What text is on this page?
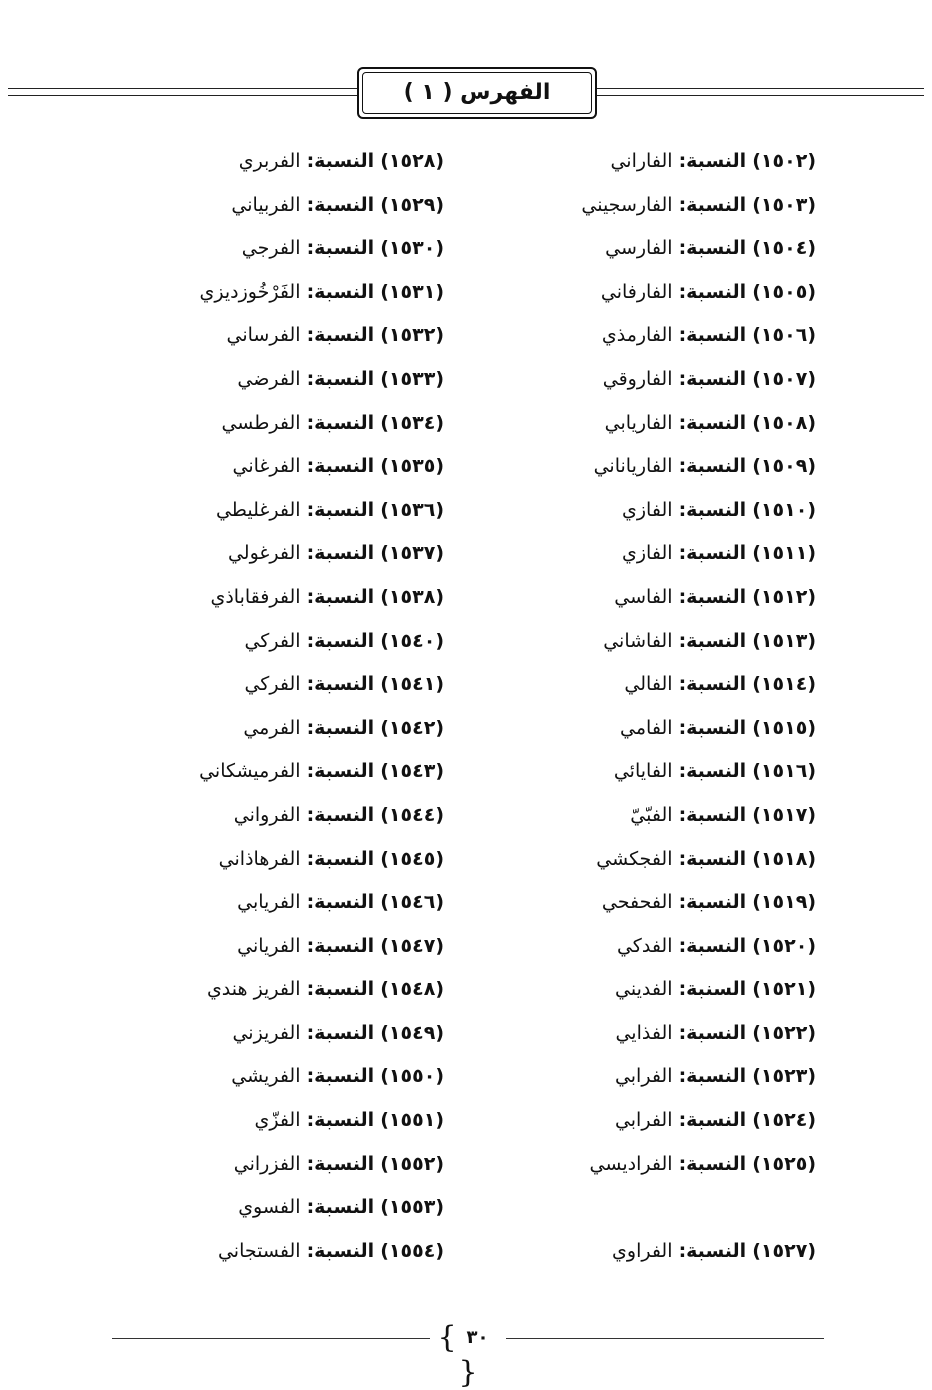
الفهرس ( ١ )
(١٥٠٢) النسبة: الفاراني
(١٥٠٣) النسبة: الفارسجيني
(١٥٠٤) النسبة: الفارسي
(١٥٠٥) النسبة: الفارفاني
(١٥٠٦) النسبة: الفارمذي
(١٥٠٧) النسبة: الفاروقي
(١٥٠٨) النسبة: الفاريابي
(١٥٠٩) النسبة: الفارياناني
(١٥١٠) النسبة: الفازي
(١٥١١) النسبة: الفازي
(١٥١٢) النسبة: الفاسي
(١٥١٣) النسبة: الفاشاني
(١٥١٤) النسبة: الفالي
(١٥١٥) النسبة: الفامي
(١٥١٦) النسبة: الفايائي
(١٥١٧) النسبة: الفبّيّ
(١٥١٨) النسبة: الفجكشي
(١٥١٩) النسبة: الفحفحي
(١٥٢٠) النسبة: الفدكي
(١٥٢١) السنبة: الفديني
(١٥٢٢) النسبة: الفذايي
(١٥٢٣) النسبة: الفرابي
(١٥٢٤) النسبة: الفرابي
(١٥٢٥) النسبة: الفراديسي
(١٥٢٧) النسبة: الفراوي
(١٥٢٨) النسبة: الفربري
(١٥٢٩) النسبة: الفربياني
(١٥٣٠) النسبة: الفرجي
(١٥٣١) النسبة: الفَرْخُوزديزي
(١٥٣٢) النسبة: الفرساني
(١٥٣٣) النسبة: الفرضي
(١٥٣٤) النسبة: الفرطسي
(١٥٣٥) النسبة: الفرغاني
(١٥٣٦) النسبة: الفرغليطي
(١٥٣٧) النسبة: الفرغولي
(١٥٣٨) النسبة: الفرفقاباذي
(١٥٤٠) النسبة: الفركي
(١٥٤١) النسبة: الفركي
(١٥٤٢) النسبة: الفرمي
(١٥٤٣) النسبة: الفرميشكاني
(١٥٤٤) النسبة: الفرواني
(١٥٤٥) النسبة: الفرهاذاني
(١٥٤٦) النسبة: الفريابي
(١٥٤٧) النسبة: الفرياني
(١٥٤٨) النسبة: الفريز هندي
(١٥٤٩) النسبة: الفريزني
(١٥٥٠) النسبة: الفريشي
(١٥٥١) النسبة: الفزّي
(١٥٥٢) النسبة: الفزراني
(١٥٥٣) النسبة: الفسوي
(١٥٥٤) النسبة: الفستجاني
{ ٣٠}
